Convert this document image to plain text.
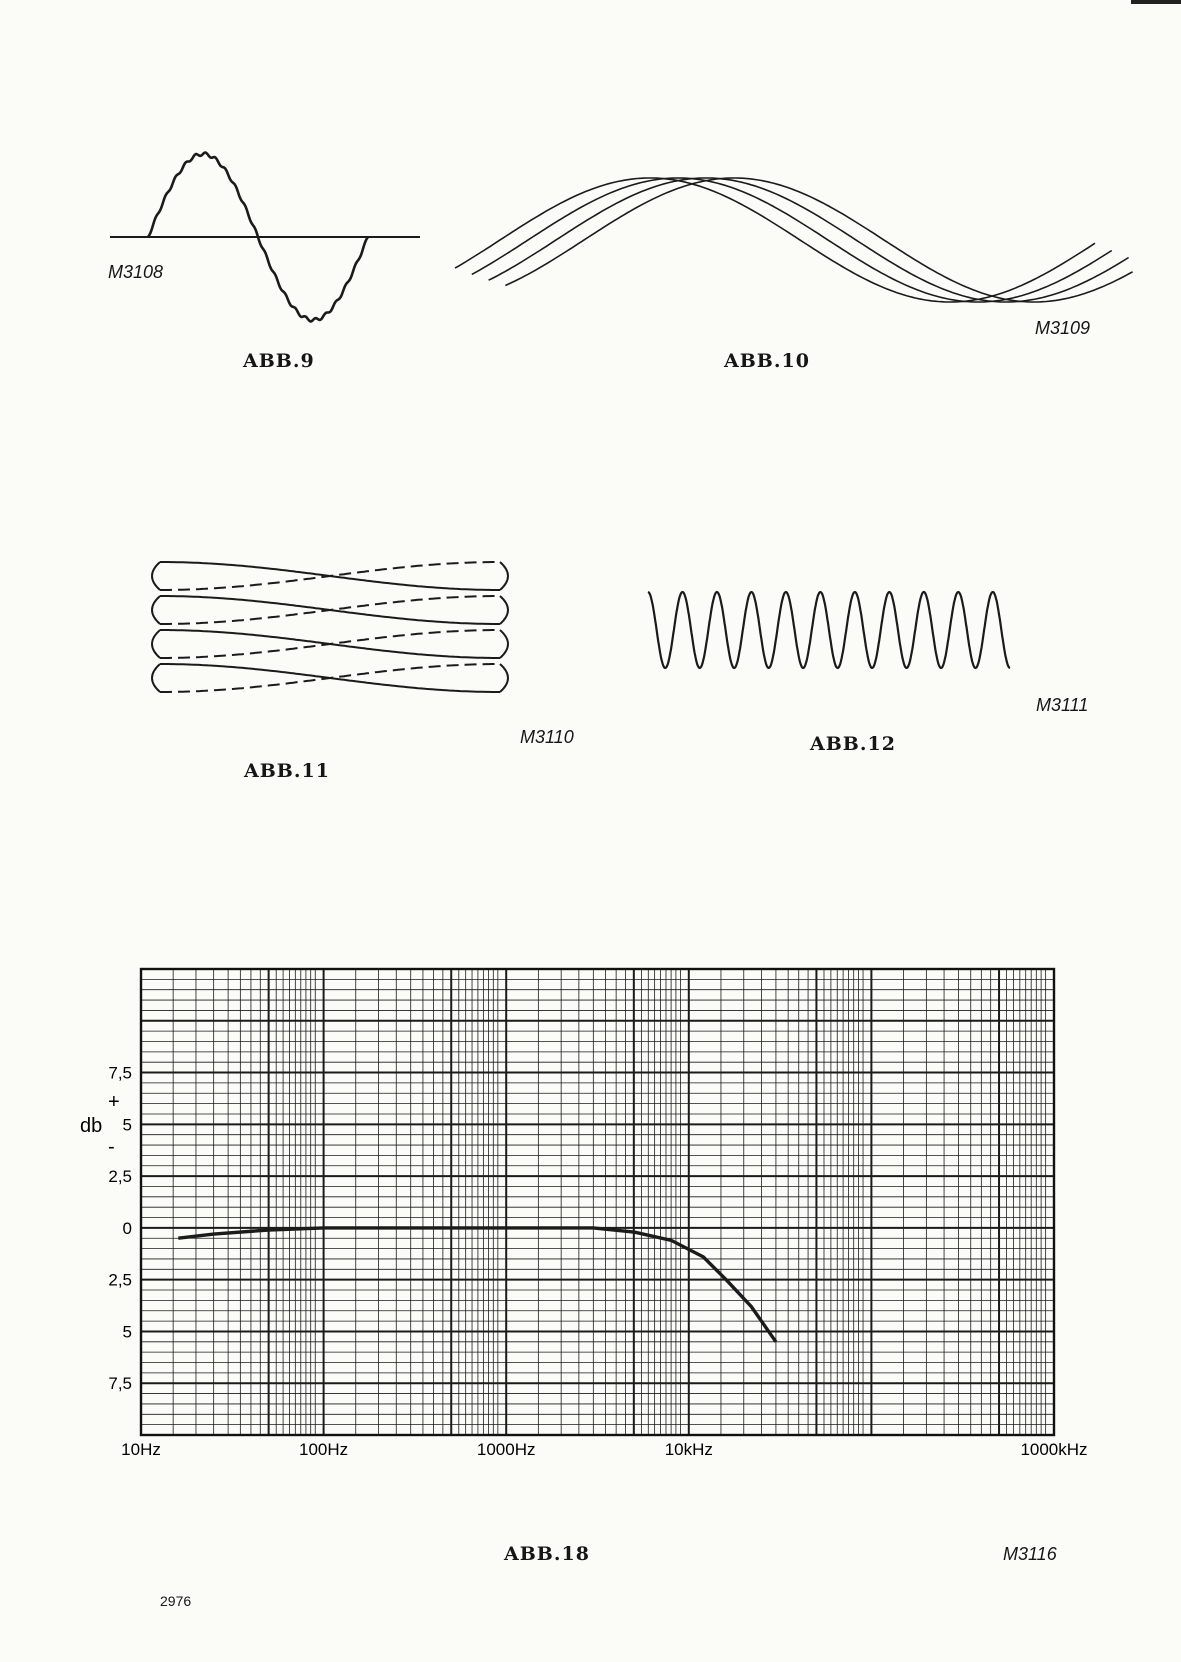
M3108
ABB.9
M3109
ABB.10
M3110
ABB.11
M3111
ABB.12
7,5
5
2,5
0
2,5
5
7,5
10Hz	100Hz	1000Hz	10kHz	1000kHz
+
db
-
ABB.18	M3116
2976
